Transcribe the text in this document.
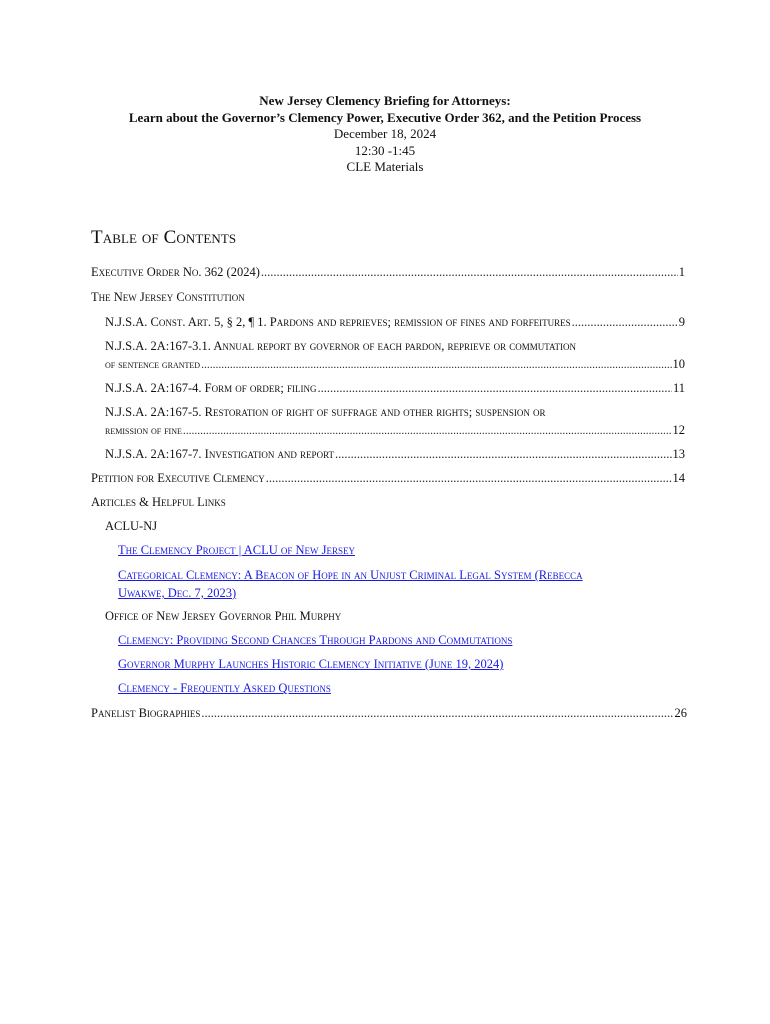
New Jersey Clemency Briefing for Attorneys:
Learn about the Governor’s Clemency Power, Executive Order 362, and the Petition Process
December 18, 2024
12:30 -1:45
CLE Materials
Table of Contents
Executive Order No. 362 (2024) .....	1
The New Jersey Constitution
N.J.S.A. Const. Art. 5, § 2, ¶ 1. Pardons and reprieves; remission of fines and forfeitures .....	9
N.J.S.A. 2A:167-3.1. Annual report by governor of each pardon, reprieve or commutation
of sentence granted .....	10
N.J.S.A. 2A:167-4. Form of order; filing .....	11
N.J.S.A. 2A:167-5. Restoration of right of suffrage and other rights; suspension or
remission of fine .....	12
N.J.S.A. 2A:167-7. Investigation and report .....	13
Petition for Executive Clemency .....	14
Articles & Helpful Links
ACLU-NJ
The Clemency Project | ACLU of New Jersey
Categorical Clemency: A Beacon of Hope in an Unjust Criminal Legal System (Rebecca
Uwakwe, Dec. 7, 2023)
Office of New Jersey Governor Phil Murphy
Clemency: Providing Second Chances Through Pardons and Commutations
Governor Murphy Launches Historic Clemency Initiative (June 19, 2024)
Clemency - Frequently Asked Questions
Panelist Biographies .....	26
